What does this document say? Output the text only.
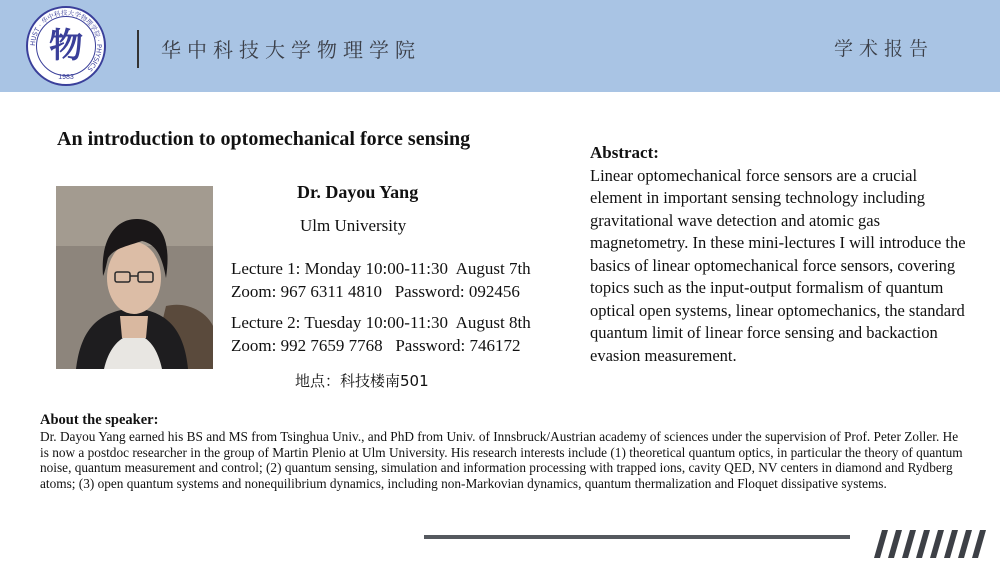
HUST · 华中科技大学物理学院 · PHYSICS
物
1983
华中科技大学物理学院	学术报告
An introduction to optomechanical force sensing
Dr. Dayou Yang
Ulm University
Lecture 1: Monday 10:00-11:30  August 7th
Zoom: 967 6311 4810   Password: 092456
Lecture 2: Tuesday 10:00-11:30  August 8th
Zoom: 992 7659 7768   Password: 746172
地点：科技楼南501
Abstract:
Linear optomechanical force sensors are a crucial element in important sensing technology including gravitational wave detection and atomic gas magnetometry. In these mini-lectures I will introduce the basics of linear optomechanical force sensors, covering topics such as the input-output formalism of quantum optical open systems, linear optomechanics, the standard quantum limit of linear force sensing and backaction evasion measurement.
About the speaker:
Dr. Dayou Yang earned his BS and MS from Tsinghua Univ., and PhD from Univ. of Innsbruck/Austrian academy of sciences under the supervision of Prof. Peter Zoller. He is now a postdoc researcher in the group of Martin Plenio at Ulm University. His research interests include (1) theoretical quantum optics, in particular the theory of quantum noise, quantum measurement and control; (2) quantum sensing, simulation and information processing with trapped ions, cavity QED, NV centers in diamond and Rydberg atoms; (3) open quantum systems and nonequilibrium dynamics, including non-Markovian dynamics, quantum thermalization and Floquet dissipative systems.
